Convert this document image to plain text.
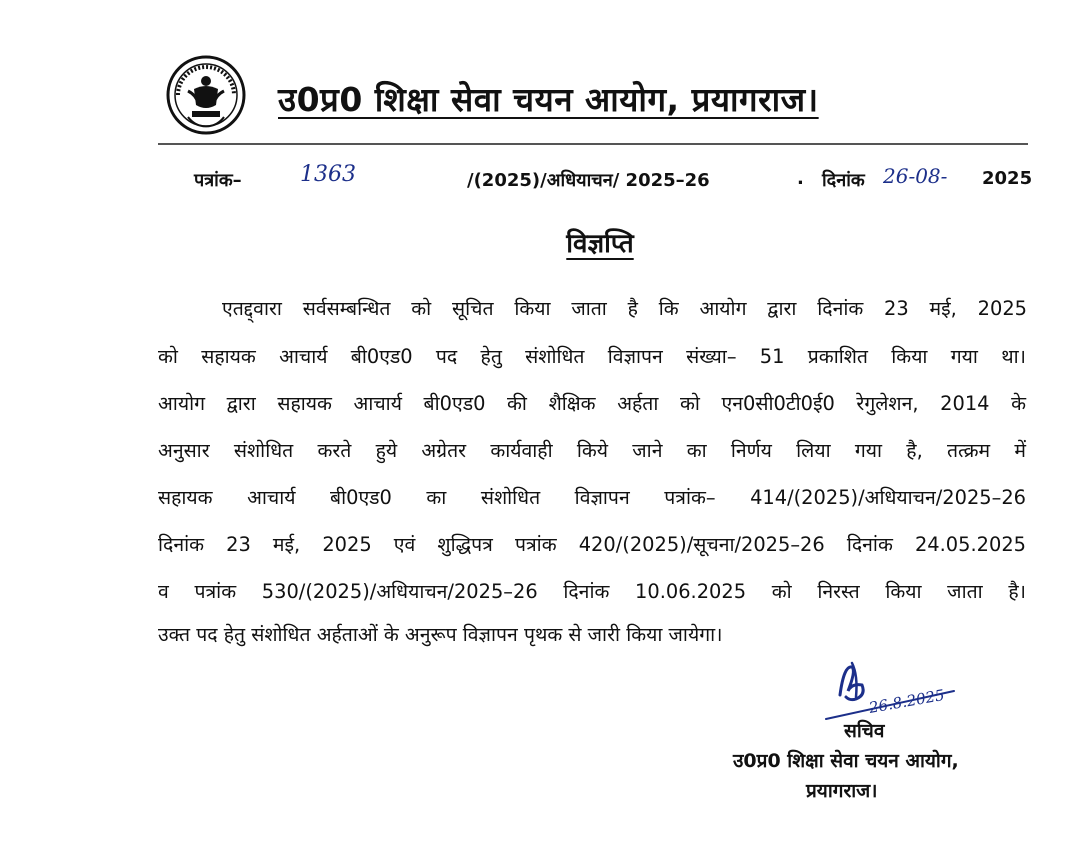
उ0प्र0 शिक्षा सेवा चयन आयोग, प्रयागराज।
पत्रांक–	1363	/(2025)/अधियाचन/ 2025–26	. दिनांक 26-08- 2025
विज्ञप्ति
एतद्द्वारा सर्वसम्बन्धित को सूचित किया जाता है कि आयोग द्वारा दिनांक 23 मई, 2025
को सहायक आचार्य बी0एड0 पद हेतु संशोधित विज्ञापन संख्या– 51 प्रकाशित किया गया था।
आयोग द्वारा सहायक आचार्य बी0एड0 की शैक्षिक अर्हता को एन0सी0टी0ई0 रेगुलेशन, 2014 के
अनुसार संशोधित करते हुये अग्रेतर कार्यवाही किये जाने का निर्णय लिया गया है, तत्क्रम में
सहायक आचार्य बी0एड0 का संशोधित विज्ञापन पत्रांक– 414/(2025)/अधियाचन/2025–26
दिनांक 23 मई, 2025 एवं शुद्धिपत्र पत्रांक 420/(2025)/सूचना/2025–26 दिनांक 24.05.2025
व पत्रांक 530/(2025)/अधियाचन/2025–26 दिनांक 10.06.2025 को निरस्त किया जाता है।
उक्त पद हेतु संशोधित अर्हताओं के अनुरूप विज्ञापन पृथक से जारी किया जायेगा।
26.8.2025
सचिव
उ0प्र0 शिक्षा सेवा चयन आयोग,
प्रयागराज।
